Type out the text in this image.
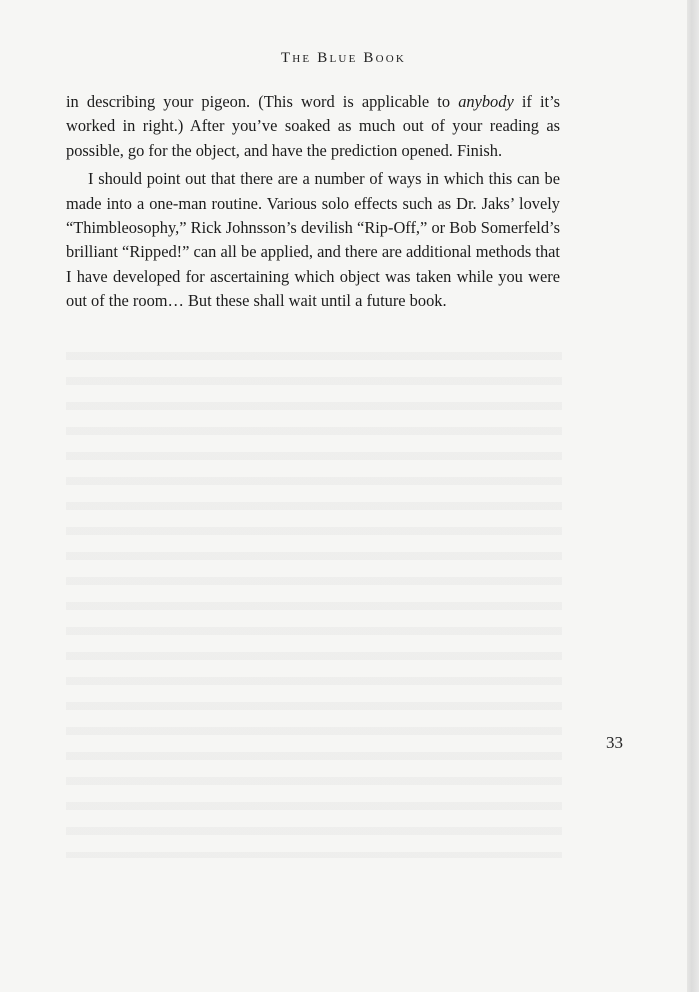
The Blue Book

in describing your pigeon. (This word is applicable to anybody if it’s worked in right.) After you’ve soaked as much out of your reading as possible, go for the object, and have the prediction opened. Finish.

I should point out that there are a number of ways in which this can be made into a one-man routine. Various solo effects such as Dr. Jaks’ lovely “Thimbleosophy,” Rick Johnsson’s devilish “Rip-Off,” or Bob Somerfeld’s brilliant “Ripped!” can all be applied, and there are additional methods that I have developed for ascertaining which object was taken while you were out of the room… But these shall wait until a future book.

33
